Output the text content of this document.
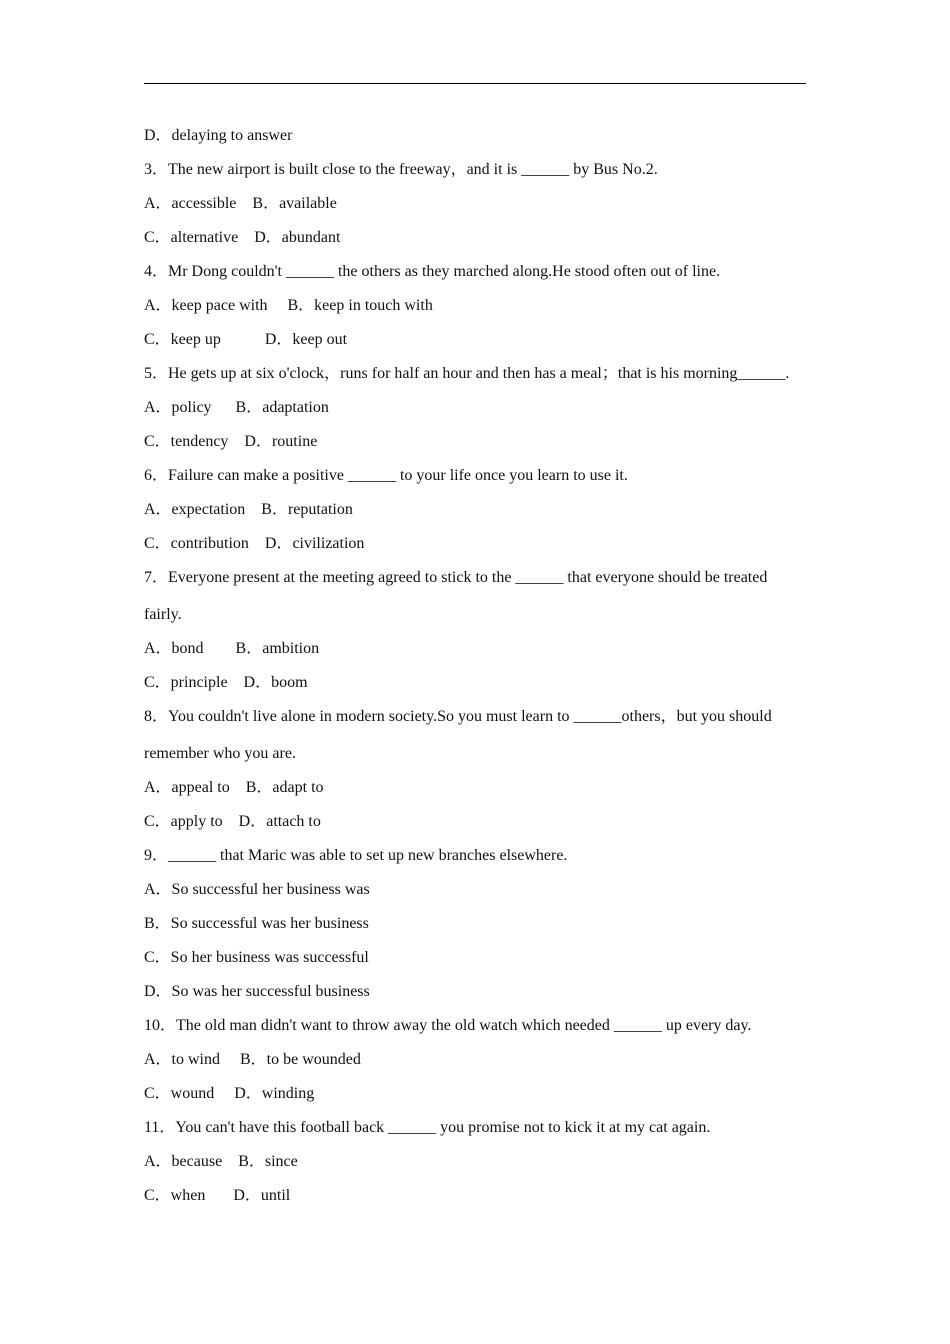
D．delaying to answer

3．The new airport is built close to the freeway，and it is ______ by Bus No.2.

A．accessible    B．available

C．alternative    D．abundant

4．Mr Dong couldn't ______ the others as they marched along.He stood often out of line.

A．keep pace with     B．keep in touch with

C．keep up           D．keep out

5．He gets up at six o'clock，runs for half an hour and then has a meal；that is his morning______.

A．policy      B．adaptation

C．tendency    D．routine

6．Failure can make a positive ______ to your life once you learn to use it.

A．expectation    B．reputation

C．contribution    D．civilization

7．Everyone present at the meeting agreed to stick to the ______ that everyone should be treated

fairly.

A．bond        B．ambition

C．principle    D．boom

8．You couldn't live alone in modern society.So you must learn to ______others，but you should

remember who you are.

A．appeal to    B．adapt to

C．apply to    D．attach to

9．______ that Maric was able to set up new branches elsewhere.

A．So successful her business was

B．So successful was her business

C．So her business was successful

D．So was her successful business

10．The old man didn't want to throw away the old watch which needed ______ up every day.

A．to wind     B．to be wounded

C．wound     D．winding

11．You can't have this football back ______ you promise not to kick it at my cat again.

A．because    B．since

C．when       D．until
